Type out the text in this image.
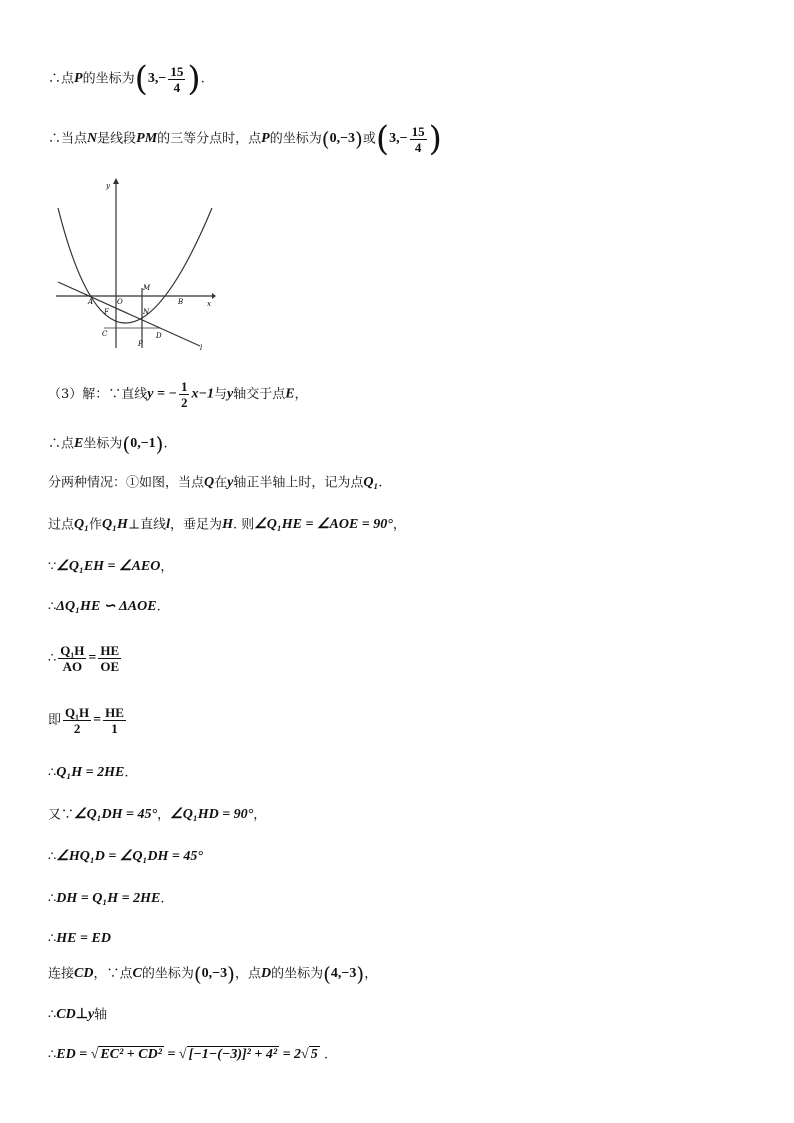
∴点P的坐标为($3,- \frac{15}{4}$ ).
∴当点N是线段PM的三等分点时，点P的坐标为(0,−3)或($3,- \frac{15}{4}$ )
y
A	O
M
B	x
F	N
C
P
D
l
（3）解：∵直线y = − $\frac{1}{2} x-1$与y轴交于点E，
∴点E坐标为(0,−1).
分两种情况：①如图，当点Q在y轴正半轴上时，记为点Q₁.
过点Q₁作Q₁H⊥直线l，垂足为H. 则∠Q₁HE = ∠AOE = 90°，
∵∠Q₁EH = ∠AEO，
∴ΔQ₁HE ∽ ΔAOE.
∴ $\frac{\text{Q₁H}}{AO} = \frac{HE}{OE}$
即 $\frac{\text{Q₁H}}{2} = \frac{HE}{1}$
∴Q₁H = 2HE.
又∵∠Q₁DH = 45°，∠Q₁HD = 90°，
∴∠HQ₁D = ∠Q₁DH = 45°
∴DH = Q₁H = 2HE.
∴HE = ED
连接CD，∵点C的坐标为(0,−3)，点D的坐标为(4,−3)，
∴CD⊥y轴
∴ED = √ EC² + CD² = √ [−1−(−3)]² + 4² = 2√ 5 .
